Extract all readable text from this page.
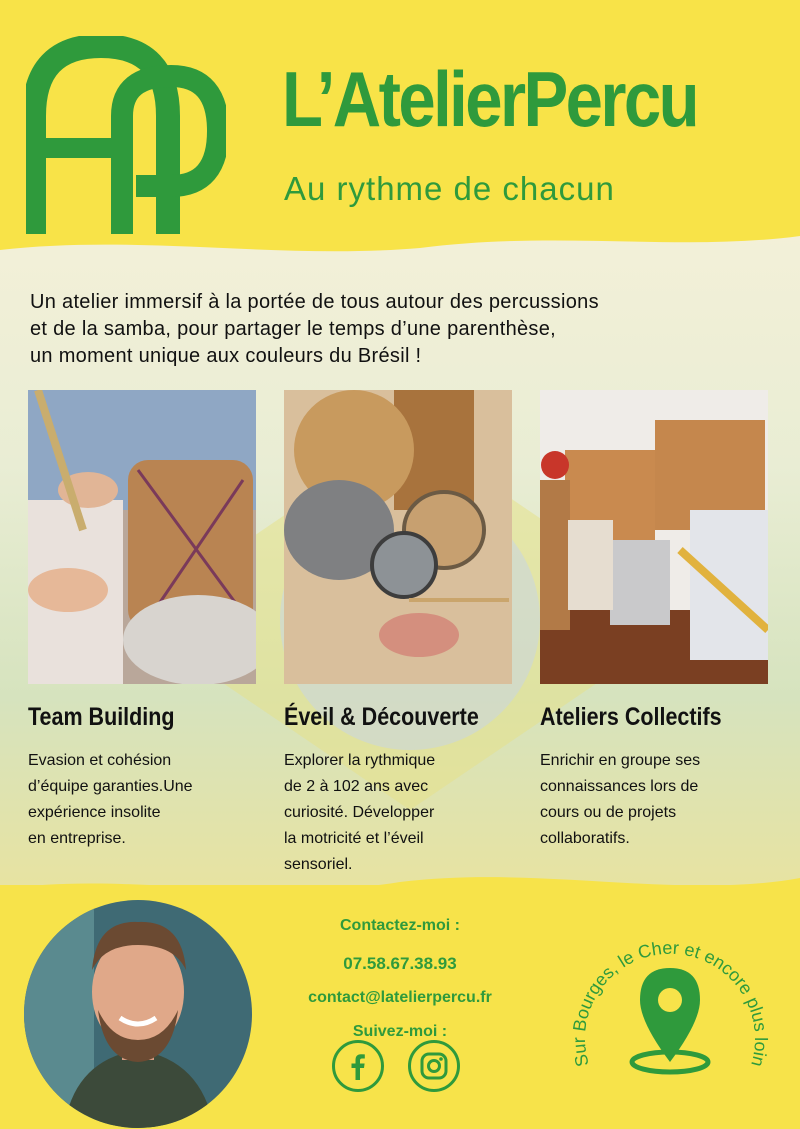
L’AtelierPercu
Au rythme de chacun
Un atelier immersif à la portée de tous autour des percussions
et de la samba, pour partager le temps d’une parenthèse,
un moment unique aux couleurs du Brésil !
Team Building
Evasion et cohésion
d’équipe garanties.Une
expérience insolite
en entreprise.
Éveil & Découverte
Explorer la rythmique
de 2 à 102 ans avec
curiosité. Développer
la motricité et l’éveil
sensoriel.
Ateliers Collectifs
Enrichir en groupe ses
connaissances lors de
cours ou de projets
collaboratifs.
Contactez-moi :
07.58.67.38.93
contact@latelierpercu.fr
Suivez-moi :
Sur Bourges, le Cher et encore plus loin
